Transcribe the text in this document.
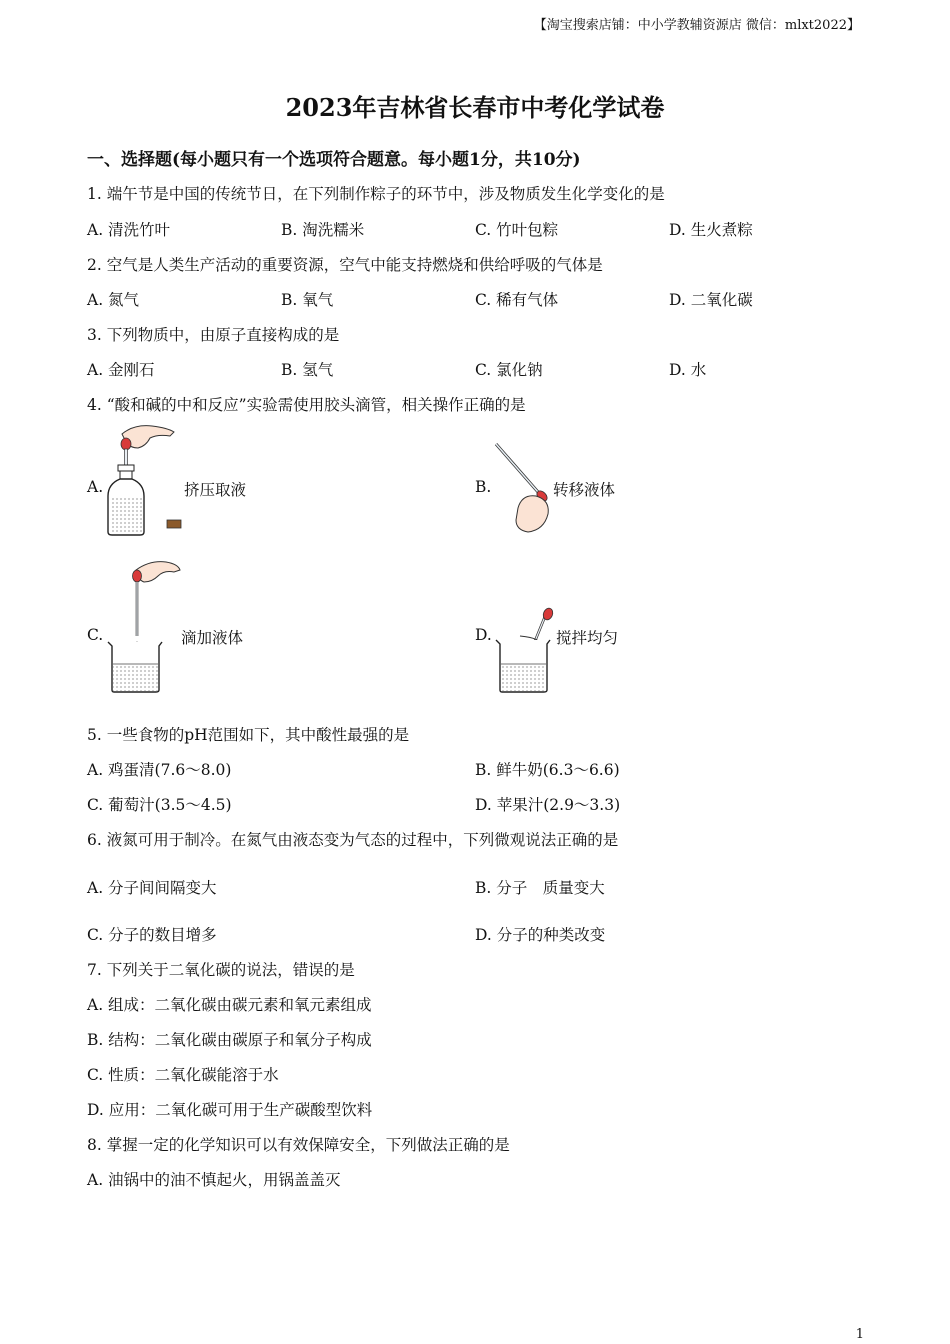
【淘宝搜索店铺：中小学教辅资源店 微信：mlxt2022】
2023年吉林省长春市中考化学试卷
一、选择题(每小题只有一个选项符合题意。每小题1分，共10分)
1. 端午节是中国的传统节日，在下列制作粽子的环节中，涉及物质发生化学变化的是
A. 清洗竹叶	B. 淘洗糯米	C. 竹叶包粽	D. 生火煮粽
2. 空气是人类生产活动的重要资源，空气中能支持燃烧和供给呼吸的气体是
A. 氮气	B. 氧气	C. 稀有气体	D. 二氧化碳
3. 下列物质中，由原子直接构成的是
A. 金刚石	B. 氢气	C. 氯化钠	D. 水
4. “酸和碱的中和反应”实验需使用胶头滴管，相关操作正确的是
A.	挤压取液	B.	转移液体
C.	滴加液体	D.	搅拌均匀
5. 一些食物的pH范围如下，其中酸性最强的是
A. 鸡蛋清(7.6～8.0)	B. 鲜牛奶(6.3～6.6)
C. 葡萄汁(3.5～4.5)	D. 苹果汁(2.9～3.3)
6. 液氮可用于制冷。在氮气由液态变为气态的过程中，下列微观说法正确的是
A. 分子间间隔变大	B. 分子　质量变大
C. 分子的数目增多	D. 分子的种类改变
7. 下列关于二氧化碳的说法，错误的是
A. 组成：二氧化碳由碳元素和氧元素组成
B. 结构：二氧化碳由碳原子和氧分子构成
C. 性质：二氧化碳能溶于水
D. 应用：二氧化碳可用于生产碳酸型饮料
8. 掌握一定的化学知识可以有效保障安全，下列做法正确的是
A. 油锅中的油不慎起火，用锅盖盖灭
1
